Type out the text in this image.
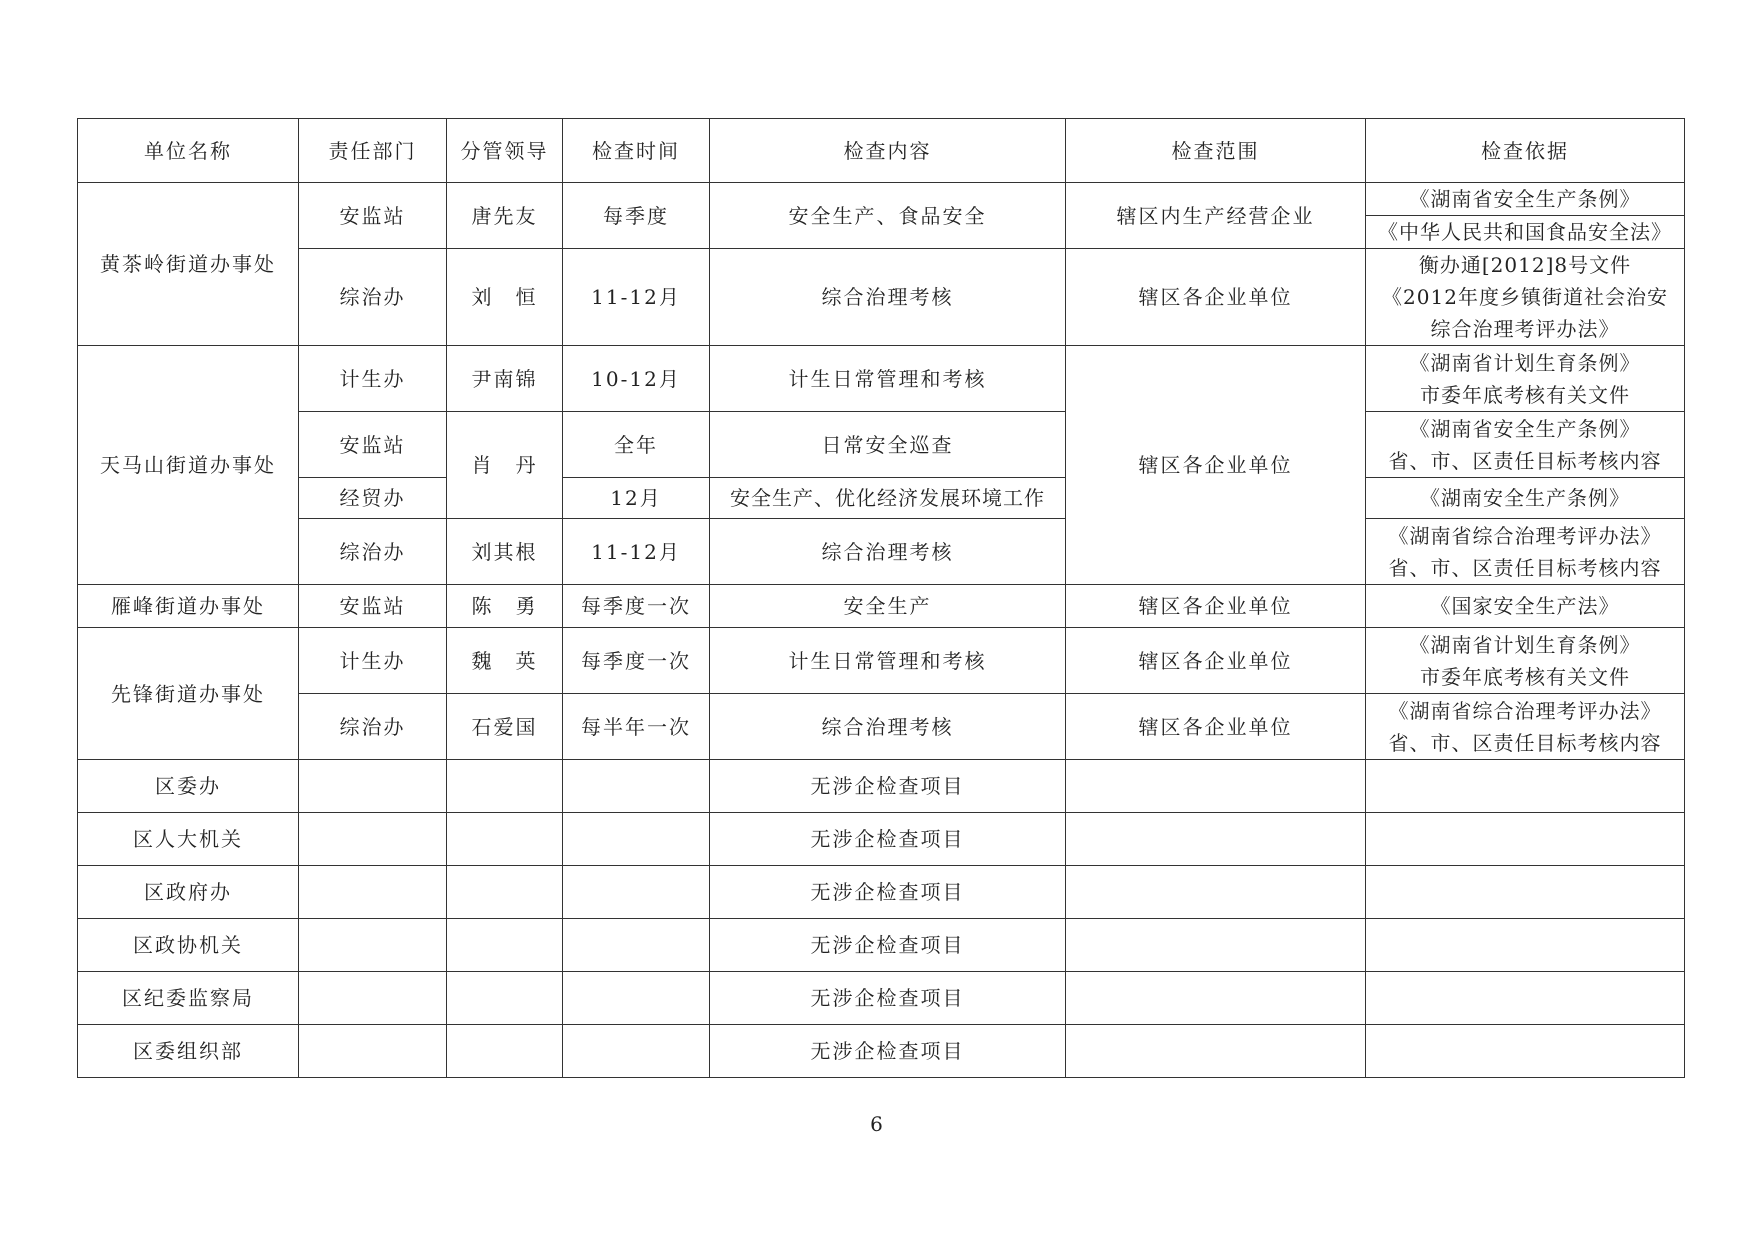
单位名称	责任部门	分管领导	检查时间	检查内容	检查范围	检查依据
黄茶岭街道办事处	安监站	唐先友	每季度	安全生产、食品安全	辖区内生产经营企业	《湖南省安全生产条例》
						《中华人民共和国食品安全法》
	综治办	刘　恒	11-12月	综合治理考核	辖区各企业单位	衡办通[2012]8号文件
《2012年度乡镇街道社会治安
综合治理考评办法》

天马山街道办事处	计生办	尹南锦	10-12月	计生日常管理和考核	辖区各企业单位	《湖南省计划生育条例》
市委年底考核有关文件

	安监站	肖　丹	全年	日常安全巡查		《湖南省安全生产条例》
省、市、区责任目标考核内容

	经贸办		12月	安全生产、优化经济发展环境工作		《湖南安全生产条例》
	综治办	刘其根	11-12月	综合治理考核		《湖南省综合治理考评办法》
省、市、区责任目标考核内容

雁峰街道办事处	安监站	陈　勇	每季度一次	安全生产	辖区各企业单位	《国家安全生产法》
先锋街道办事处	计生办	魏　英	每季度一次	计生日常管理和考核	辖区各企业单位	《湖南省计划生育条例》
市委年底考核有关文件

	综治办	石爱国	每半年一次	综合治理考核	辖区各企业单位	《湖南省综合治理考评办法》
省、市、区责任目标考核内容

区委办				无涉企检查项目		
区人大机关				无涉企检查项目		
区政府办				无涉企检查项目		
区政协机关				无涉企检查项目		
区纪委监察局				无涉企检查项目		
区委组织部				无涉企检查项目		
6
